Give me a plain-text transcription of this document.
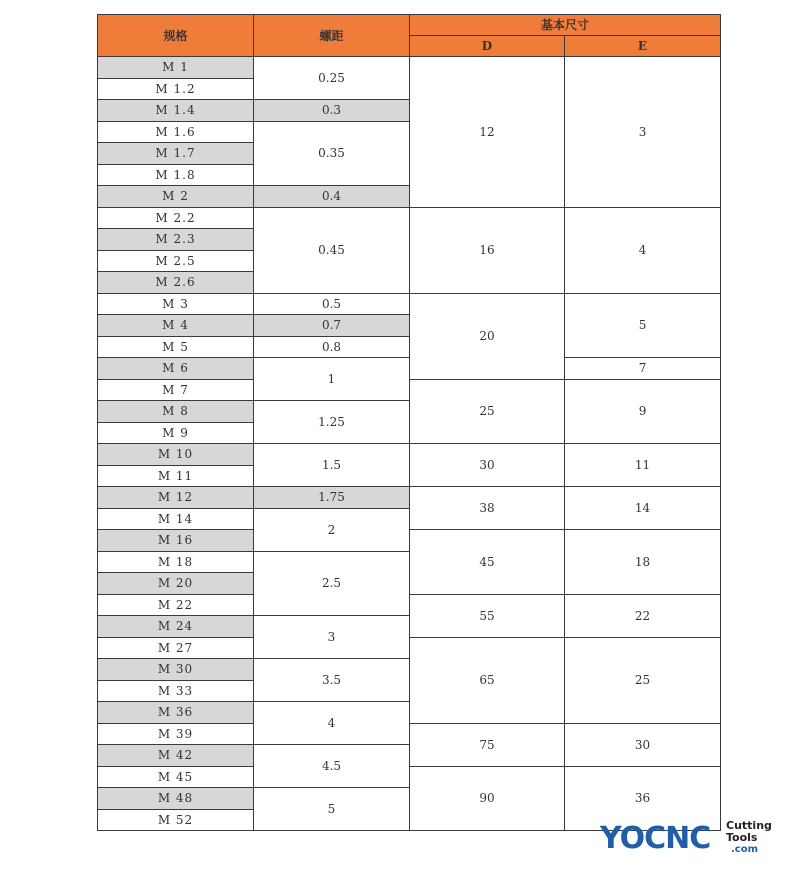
规格	螺距	基本尺寸	
		D	E
M 1	0.25	12	3
M 1.2			
M 1.4	0.3		
M 1.6	0.35		
M 1.7			
M 1.8			
M 2	0.4		
M 2.2	0.45	16	4
M 2.3			
M 2.5			
M 2.6			
M 3	0.5	20	5
M 4	0.7		
M 5	0.8		
M 6	1		7
M 7		25	9
M 8	1.25		
M 9			
M 10	1.5	30	11
M 11			
M 12	1.75	38	14
M 14	2		
M 16		45	18
M 18	2.5		
M 20			
M 22		55	22
M 24	3		
M 27		65	25
M 30	3.5		
M 33			
M 36	4		
M 39		75	30
M 42	4.5		
M 45		90	36
M 48	5		
M 52			
YOCNC Cutting
Tools
.com
